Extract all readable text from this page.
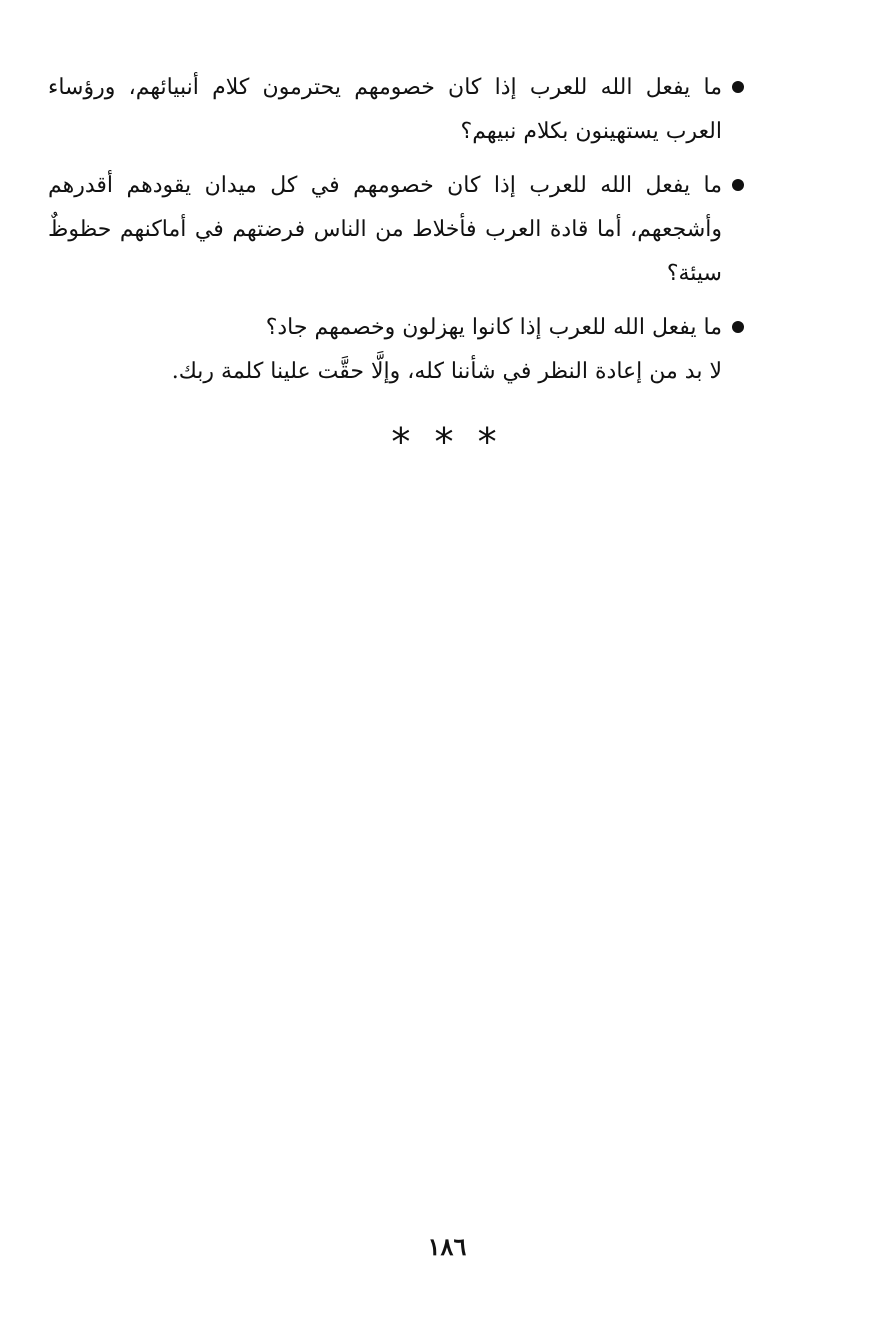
ما يفعل الله للعرب إذا كان خصومهم يحترمون كلام أنبيائهم، ورؤساء العرب يستهينون بكلام نبيهم؟
ما يفعل الله للعرب إذا كان خصومهم في كل ميدان يقودهم أقدرهم وأشجعهم، أما قادة العرب فأخلاط من الناس فرضتهم في أماكنهم حظوظٌ سيئة؟
ما يفعل الله للعرب إذا كانوا يهزلون وخصمهم جاد؟
لا بد من إعادة النظر في شأننا كله، وإلَّا حقَّت علينا كلمة ربك.
* * *
١٨٦
